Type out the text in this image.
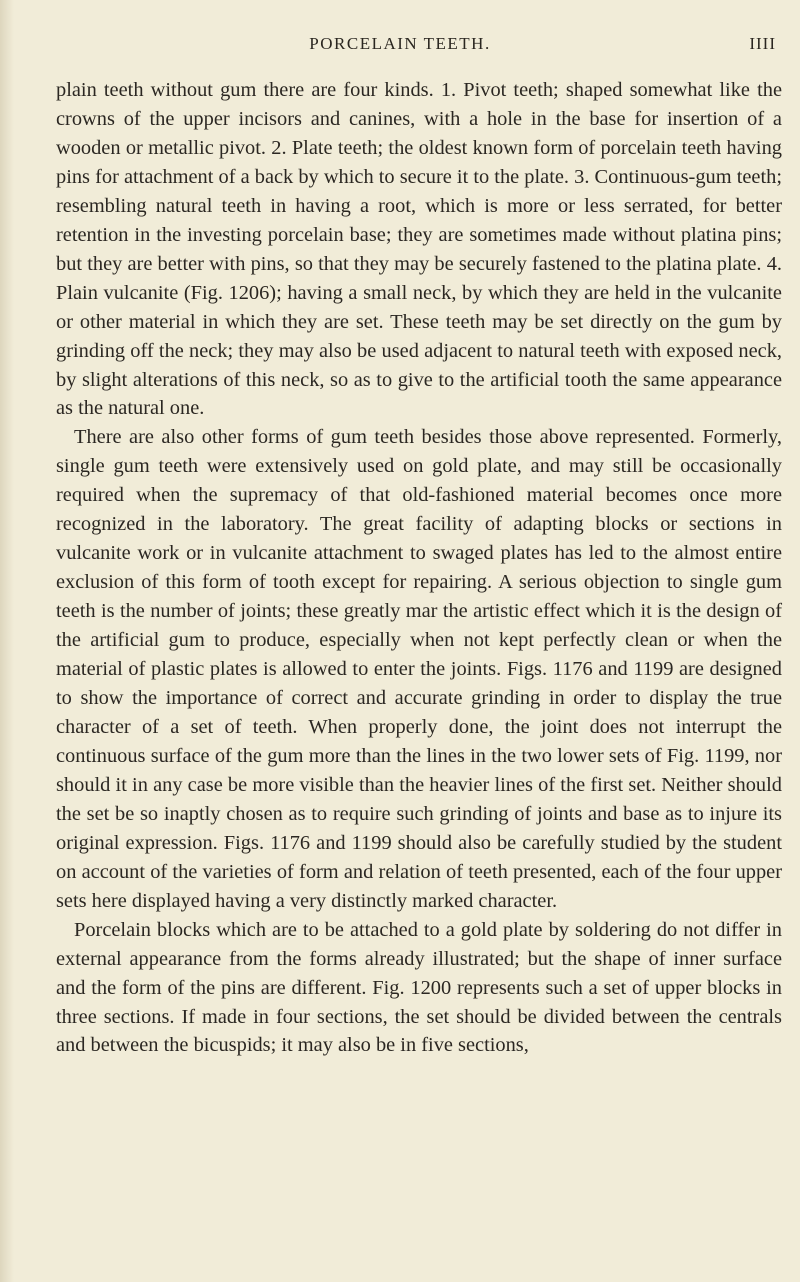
PORCELAIN TEETH.	IIII

plain teeth without gum there are four kinds. 1. Pivot teeth; shaped somewhat like the crowns of the upper incisors and canines, with a hole in the base for insertion of a wooden or metallic pivot. 2. Plate teeth; the oldest known form of porcelain teeth having pins for attachment of a back by which to secure it to the plate. 3. Continuous-gum teeth; resembling natural teeth in having a root, which is more or less serrated, for better retention in the investing porcelain base; they are sometimes made without platina pins; but they are better with pins, so that they may be securely fastened to the platina plate. 4. Plain vulcanite (Fig. 1206); having a small neck, by which they are held in the vulcanite or other material in which they are set. These teeth may be set directly on the gum by grinding off the neck; they may also be used adjacent to natural teeth with exposed neck, by slight alterations of this neck, so as to give to the artificial tooth the same appearance as the natural one.

There are also other forms of gum teeth besides those above represented. Formerly, single gum teeth were extensively used on gold plate, and may still be occasionally required when the supremacy of that old-fashioned material becomes once more recognized in the laboratory. The great facility of adapting blocks or sections in vulcanite work or in vulcanite attachment to swaged plates has led to the almost entire exclusion of this form of tooth except for repairing. A serious objection to single gum teeth is the number of joints; these greatly mar the artistic effect which it is the design of the artificial gum to produce, especially when not kept perfectly clean or when the material of plastic plates is allowed to enter the joints. Figs. 1176 and 1199 are designed to show the importance of correct and accurate grinding in order to display the true character of a set of teeth. When properly done, the joint does not interrupt the continuous surface of the gum more than the lines in the two lower sets of Fig. 1199, nor should it in any case be more visible than the heavier lines of the first set. Neither should the set be so inaptly chosen as to require such grinding of joints and base as to injure its original expression. Figs. 1176 and 1199 should also be carefully studied by the student on account of the varieties of form and relation of teeth presented, each of the four upper sets here displayed having a very distinctly marked character.

Porcelain blocks which are to be attached to a gold plate by soldering do not differ in external appearance from the forms already illustrated; but the shape of inner surface and the form of the pins are different. Fig. 1200 represents such a set of upper blocks in three sections. If made in four sections, the set should be divided between the centrals and between the bicuspids; it may also be in five sections,
